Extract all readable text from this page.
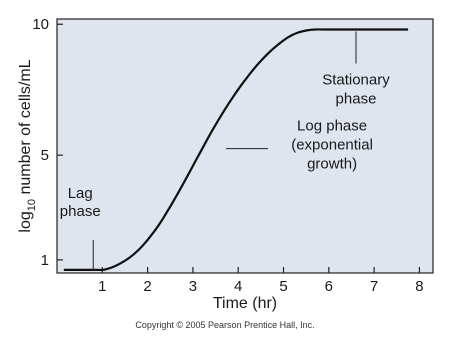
1
5
10
1 2 3 4 5 6 7 8
Lag phase
Log phase (exponential growth)
Stationary phase
Time (hr)
$\log_{10}$ number of cells/mL
Copyright © 2005 Pearson Prentice Hall, Inc.
